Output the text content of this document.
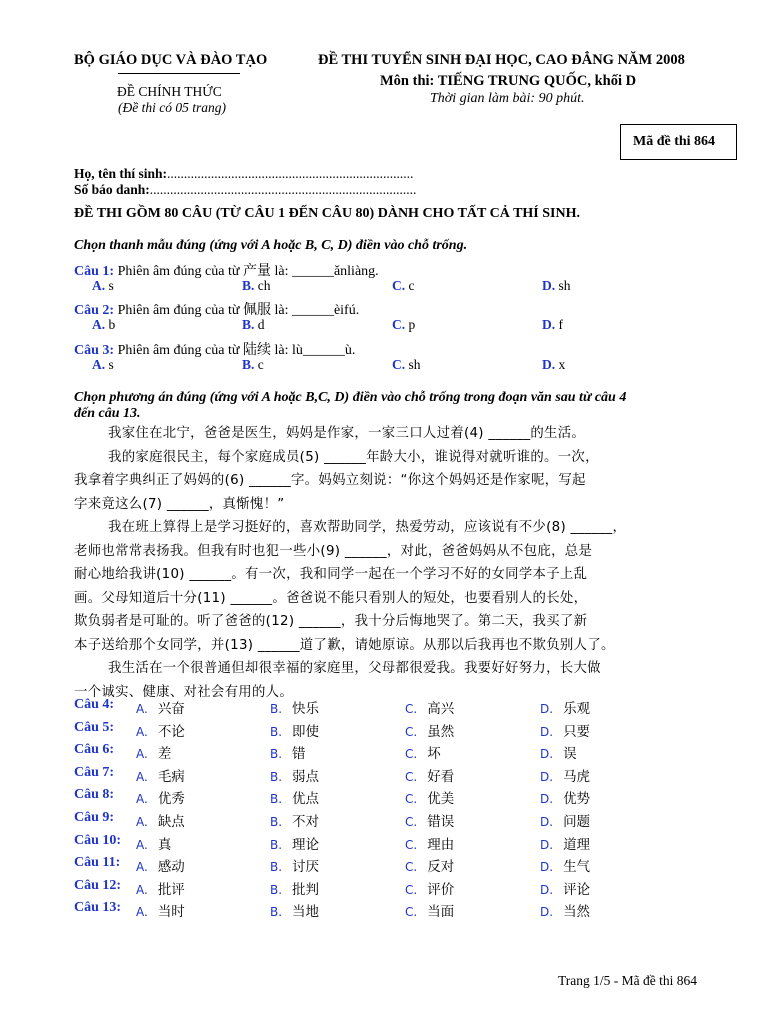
BỘ GIÁO DỤC VÀ ĐÀO TẠO
ĐỀ CHÍNH THỨC
(Đề thi có 05 trang)
ĐỀ THI TUYỂN SINH ĐẠI HỌC, CAO ĐẲNG NĂM 2008
Môn thi: TIẾNG TRUNG QUỐC, khối D
Thời gian làm bài: 90 phút.
Mã đề thi 864
Họ, tên thí sinh:.........................................................................
Số báo danh:...............................................................................
ĐỀ THI GỒM 80 CÂU (TỪ CÂU 1 ĐẾN CÂU 80) DÀNH CHO TẤT CẢ THÍ SINH.
Chọn thanh mẫu đúng (ứng với A hoặc B, C, D) điền vào chỗ trống.
Câu 1: Phiên âm đúng của từ 产量 là: ______ǎnliàng.
A. s	B. ch	C. c	D. sh
Câu 2: Phiên âm đúng của từ 佩服 là: ______èifú.
A. b	B. d	C. p	D. f
Câu 3: Phiên âm đúng của từ 陆续 là: lù______ù.
A. s	B. c	C. sh	D. x
Chọn phương án đúng (ứng với A hoặc B,C, D) điền vào chỗ trống trong đoạn văn sau từ câu 4
đến câu 13.

我家住在北宁，爸爸是医生，妈妈是作家，一家三口人过着(4) ______的生活。

我的家庭很民主，每个家庭成员(5) ______年龄大小，谁说得对就听谁的。一次，

我拿着字典纠正了妈妈的(6) ______字。妈妈立刻说：“你这个妈妈还是作家呢，写起

字来竟这么(7) ______，真惭愧！”

我在班上算得上是学习挺好的，喜欢帮助同学，热爱劳动，应该说有不少(8) ______，

老师也常常表扬我。但我有时也犯一些小(9) ______，对此，爸爸妈妈从不包庇，总是

耐心地给我讲(10) ______。有一次，我和同学一起在一个学习不好的女同学本子上乱

画。父母知道后十分(11) ______。爸爸说不能只看别人的短处，也要看别人的长处，

欺负弱者是可耻的。听了爸爸的(12) ______，我十分后悔地哭了。第二天，我买了新

本子送给那个女同学，并(13) ______道了歉，请她原谅。从那以后我再也不欺负别人了。

我生活在一个很普通但却很幸福的家庭里，父母都很爱我。我要好好努力，长大做

一个诚实、健康、对社会有用的人。

Câu 4: A. 兴奋	B. 快乐	C. 高兴	D. 乐观
Câu 5: A. 不论	B. 即使	C. 虽然	D. 只要
Câu 6: A. 差	B. 错	C. 坏	D. 误
Câu 7: A. 毛病	B. 弱点	C. 好看	D. 马虎
Câu 8: A. 优秀	B. 优点	C. 优美	D. 优势
Câu 9: A. 缺点	B. 不对	C. 错误	D. 问题
Câu 10: A. 真	B. 理论	C. 理由	D. 道理
Câu 11: A. 感动	B. 讨厌	C. 反对	D. 生气
Câu 12: A. 批评	B. 批判	C. 评价	D. 评论
Câu 13: A. 当时	B. 当地	C. 当面	D. 当然
Trang 1/5 - Mã đề thi 864
